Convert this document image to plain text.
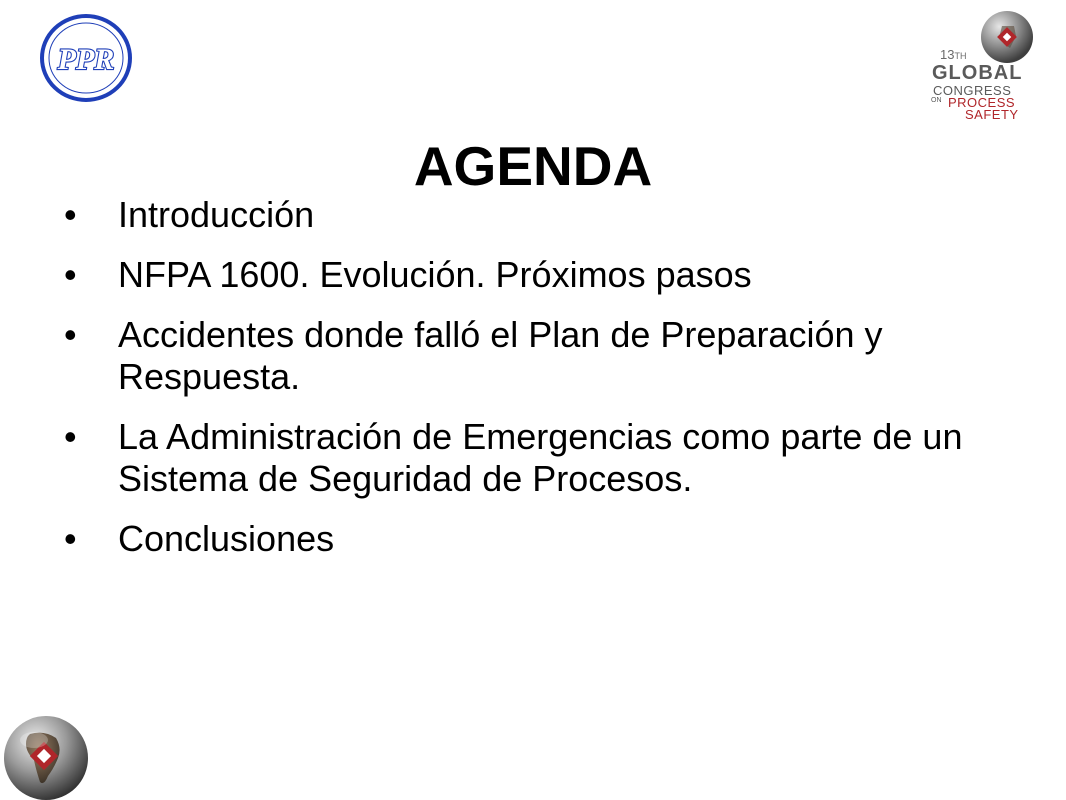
PPR	13TH
GLOBAL
CONGRESS
ON PROCESS
SAFETY
AGENDA
• Introducción
• NFPA 1600. Evolución. Próximos pasos
• Accidentes donde falló el Plan de Preparación y Respuesta.
• La Administración de Emergencias como parte de un Sistema de Seguridad de Procesos.
• Conclusiones
